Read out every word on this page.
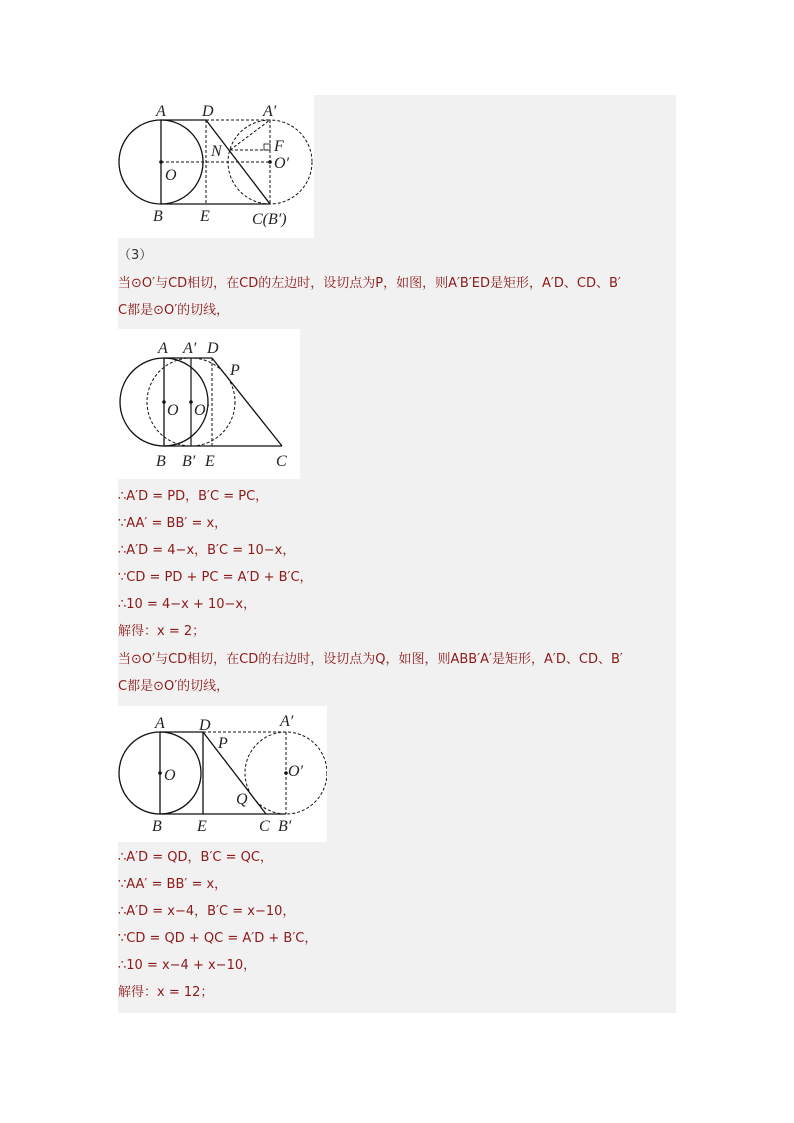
A D	A′
N	F
O
O′
B E	C(B′)
（3）
当⊙O′与CD相切，在CD的左边时，设切点为P，如图，则A′B′ED是矩形，A′D、CD、B′
C都是⊙O′的切线，
A A′ D
P
O O′
B B′ E	C
∴A′D = PD，B′C = PC，
∵AA′ = BB′ = x，
∴A′D = 4−x，B′C = 10−x，
∵CD = PD + PC = A′D + B′C，
∴10 = 4−x + 10−x，
解得：x = 2；
当⊙O′与CD相切，在CD的右边时，设切点为Q，如图，则ABB′A′是矩形，A′D、CD、B′
C都是⊙O′的切线，
A D	A′
P
O	O′
Q
B E	C B′
∴A′D = QD，B′C = QC，
∵AA′ = BB′ = x，
∴A′D = x−4，B′C = x−10，
∵CD = QD + QC = A′D + B′C，
∴10 = x−4 + x−10，
解得：x = 12；
